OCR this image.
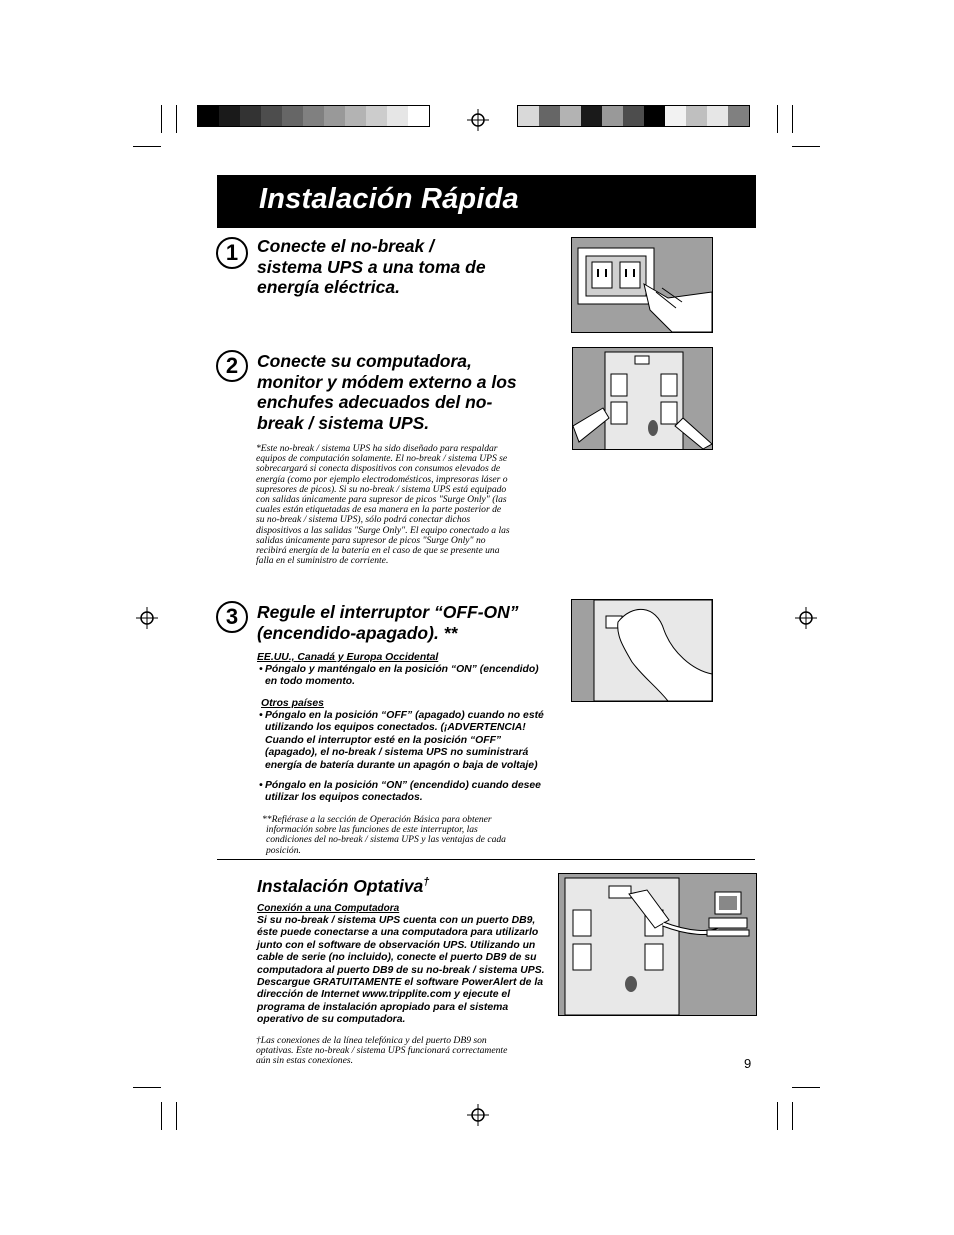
Instalación Rápida
1	Conecte el no-break /
sistema UPS a una toma de
energía eléctrica.
2	Conecte su computadora,
monitor y módem externo a los
enchufes adecuados del no-
break / sistema UPS.
*Este no-break / sistema UPS ha sido diseñado para respaldar
equipos de computación solamente. El no-break / sistema UPS se
sobrecargará si conecta dispositivos con consumos elevados de
energía (como por ejemplo electrodomésticos, impresoras láser o
supresores de picos). Si su no-break / sistema UPS está equipado
con salidas únicamente para supresor de picos "Surge Only" (las
cuales están etiquetadas de esa manera en la parte posterior de
su no-break / sistema UPS), sólo podrá conectar dichos
dispositivos a las salidas "Surge Only". El equipo conectado a las
salidas únicamente para supresor de picos "Surge Only" no
recibirá energía de la batería en el caso de que se presente una
falla en el suministro de corriente.
3	Regule el interruptor “OFF-ON”
(encendido-apagado). **
EE.UU., Canadá y Europa Occidental
• Póngalo y manténgalo en la posición “ON” (encendido)
en todo momento.
Otros países
• Póngalo en la posición “OFF” (apagado) cuando no esté
utilizando los equipos conectados. (¡ADVERTENCIA!
Cuando el interruptor esté en la posición “OFF”
(apagado), el no-break / sistema UPS no suministrará
energía de batería durante un apagón o baja de voltaje)
• Póngalo en la posición “ON” (encendido) cuando desee
utilizar los equipos conectados.
**Refiérase a la sección de Operación Básica para obtener
información sobre las funciones de este interruptor, las
condiciones del no-break / sistema UPS y las ventajas de cada
posición.
Instalación Optativa†
Conexión a una Computadora
Si su no-break / sistema UPS cuenta con un puerto DB9,
éste puede conectarse a una computadora para utilizarlo
junto con el software de observación UPS. Utilizando un
cable de serie (no incluido), conecte el puerto DB9 de su
computadora al puerto DB9 de su no-break / sistema UPS.
Descargue GRATUITAMENTE el software PowerAlert de la
dirección de Internet www.tripplite.com y ejecute el
programa de instalación apropiado para el sistema
operativo de su computadora.
†Las conexiones de la línea telefónica y del puerto DB9 son
optativas. Este no-break / sistema UPS funcionará correctamente
aún sin estas conexiones.	9
